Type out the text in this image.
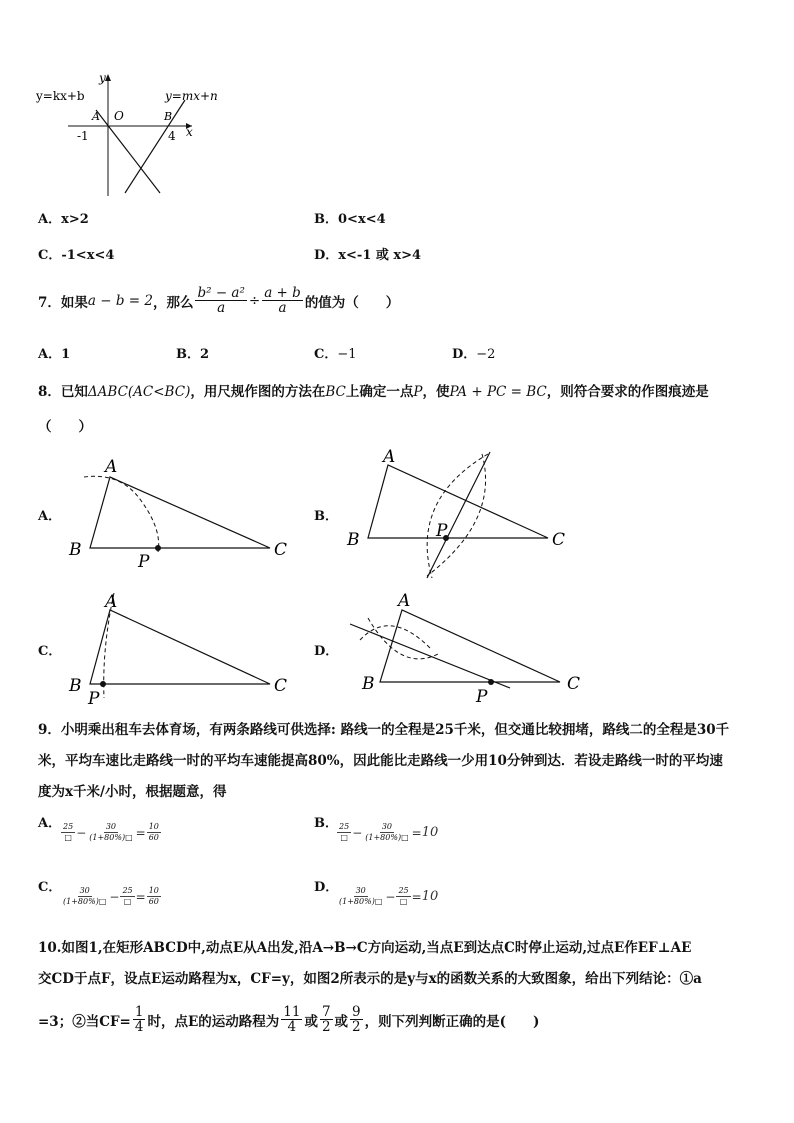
y
x
y=kx+b	y=mx+n
O
A	B
-1	4
A．x>2	B．0<x<4
C．-1<x<4	D．x<-1 或 x>4
7．如果 a − b = 2 ，那么 $\frac{\text{b² − a²}}{a} \div \frac{a + b}{a}$ 的值为（　　）
A．1	B．2	C．−1	D．−2
8．已知ΔABC(AC<BC)，用尺规作图的方法在BC上确定一点P，使PA + PC = BC，则符合要求的作图痕迹是
（　　）
A．	B．
C．	D．
A
B	C
P
A
B	C
P
A
B	C
P
A
B	C
P
9．小明乘出租车去体育场，有两条路线可供选择: 路线一的全程是25千米，但交通比较拥堵，路线二的全程是30千
米，平均车速比走路线一时的平均车速能提高80%，因此能比走路线一少用10分钟到达．若设走路线一时的平均速
度为x千米/小时，根据题意，得
A． $\frac{25}{□} - \frac{30}{(1+80\%)□} = \frac{10}{60}$	B． $\frac{25}{□} - \frac{30}{(1+80\%)□} = 10$
C． $\frac{30}{(1+80\%)□} - \frac{25}{□} = \frac{10}{60}$	D．
$\frac{30}{(1+80\%)□} - \frac{25}{□} = 10$
10.如图1,在矩形ABCD中,动点E从A出发,沿A→B→C方向运动,当点E到达点C时停止运动,过点E作EF⊥AE
交CD于点F，设点E运动路程为x，CF=y，如图2所表示的是y与x的函数关系的大致图象，给出下列结论：①a
=3；②当$CF= \frac{1}{4}$ 时，点E的运动路程为 $\frac{11}{4}$ 或 $\frac{7}{2}$ 或 $\frac{9}{2}$ ，则下列判断正确的是(　　)
